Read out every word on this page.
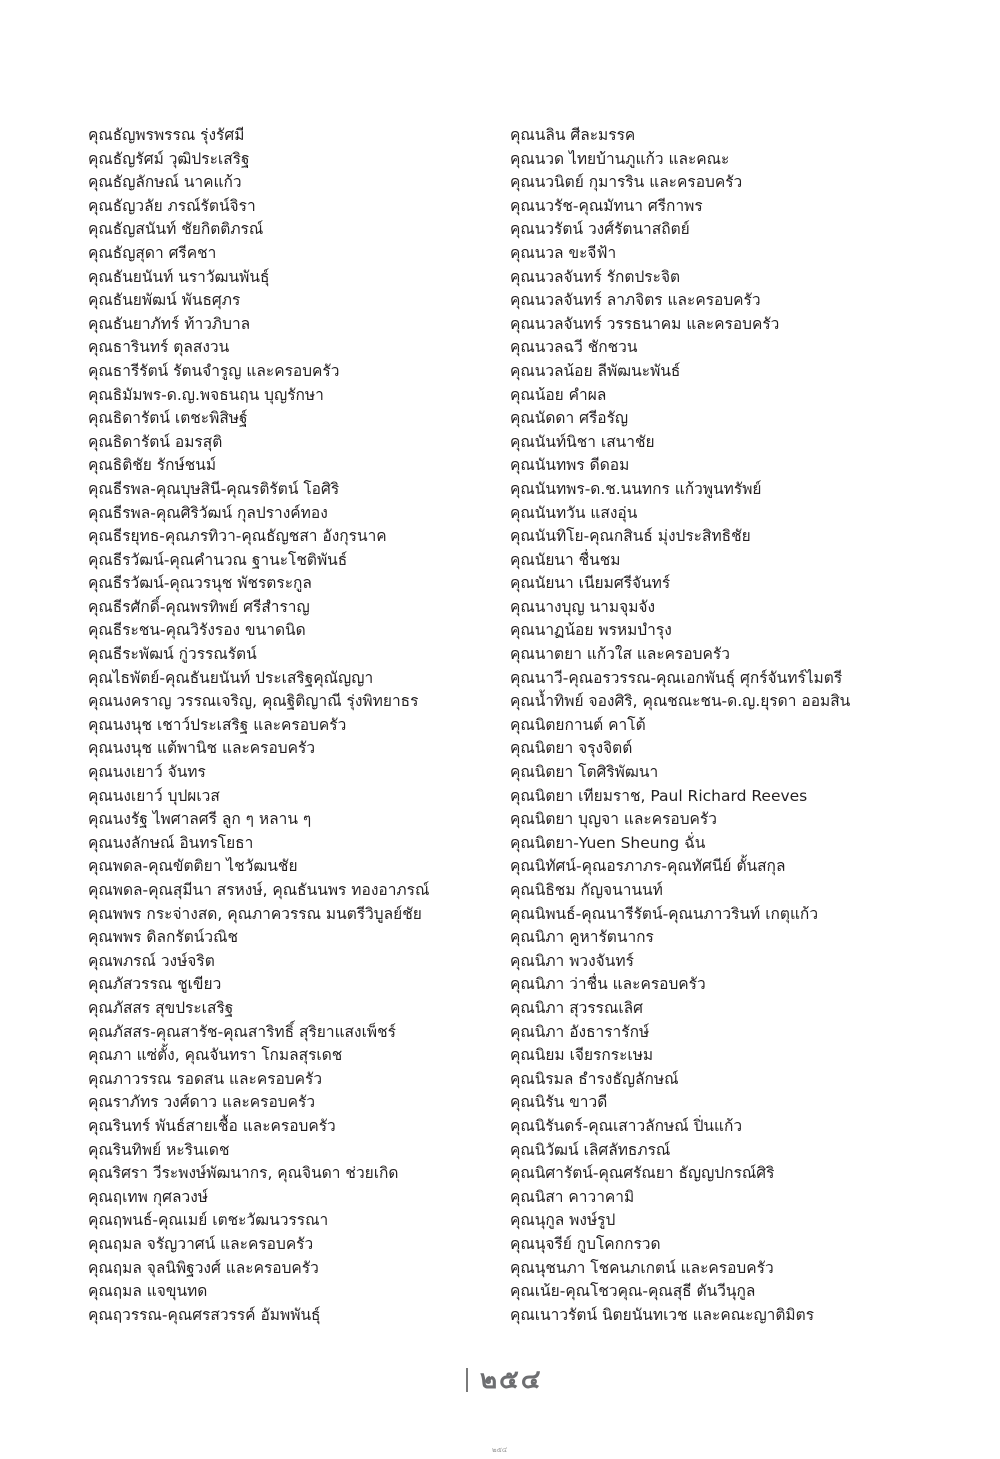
คุณธัญพรพรรณ รุ่งรัศมี
คุณธัญรัศม์ วุฒิประเสริฐ
คุณธัญลักษณ์ นาคแก้ว
คุณธัญวลัย ภรณ์รัตน์จิรา
คุณธัญสนันท์ ชัยกิตติภรณ์
คุณธัญสุดา ศรีคชา
คุณธันยนันท์ นราวัฒนพันธุ์
คุณธันยพัฒน์ พันธศุภร
คุณธันยาภัทร์ ท้าวภิบาล
คุณธารินทร์ ตุลสงวน
คุณธารีรัตน์ รัตนจำรูญ และครอบครัว
คุณธิมัมพร-ด.ญ.พจธนฤน บุญรักษา
คุณธิดารัตน์ เตชะพิสิษฐ์
คุณธิดารัตน์ อมรสุติ
คุณธิติชัย รักษ์ชนม์
คุณธีรพล-คุณบุษสินี-คุณรติรัตน์ โอศิริ
คุณธีรพล-คุณศิริวัฒน์ กุลปรางค์ทอง
คุณธีรยุทธ-คุณภรทิวา-คุณธัญชสา อังกุรนาค
คุณธีรวัฒน์-คุณคำนวณ ฐานะโชติพันธ์
คุณธีรวัฒน์-คุณวรนุช พัชรตระกูล
คุณธีรศักดิ์-คุณพรทิพย์ ศรีสำราญ
คุณธีระชน-คุณวิรังรอง ขนาดนิด
คุณธีระพัฒน์ กู่วรรณรัตน์
คุณไธพัตย์-คุณธันยนันท์ ประเสริฐคุณัญญา
คุณนงคราญ วรรณเจริญ, คุณฐิติญาณี รุ่งพิทยาธร
คุณนงนุช เชาว์ประเสริฐ และครอบครัว
คุณนงนุช แต้พานิช และครอบครัว
คุณนงเยาว์ จันทร
คุณนงเยาว์ บุปผเวส
คุณนงรัฐ ไพศาลศรี ลูก ๆ หลาน ๆ
คุณนงลักษณ์ อินทรโยธา
คุณพดล-คุณขัตติยา ไชวัฒนชัย
คุณพดล-คุณสุมีนา สรหงษ์, คุณธันนพร ทองอาภรณ์
คุณพพร กระจ่างสด, คุณภาควรรณ มนตรีวิบูลย์ชัย
คุณพพร ดิลกรัตน์วณิช
คุณพภรณ์ วงษ์จริต
คุณภัสวรรณ ชูเขียว
คุณภัสสร สุขประเสริฐ
คุณภัสสร-คุณสารัช-คุณสาริทธิ์ สุริยาแสงเพ็ชร์
คุณภา แซ่ตั้ง, คุณจันทรา โกมลสุรเดช
คุณภาวรรณ รอดสน และครอบครัว
คุณราภัทร วงศ์ดาว และครอบครัว
คุณรินทร์ พันธ์สายเชื้อ และครอบครัว
คุณรินทิพย์ หะรินเดช
คุณริศรา วีระพงษ์พัฒนากร, คุณจินดา ช่วยเกิด
คุณฤเทพ กุศลวงษ์
คุณฤพนธ์-คุณเมย์ เตชะวัฒนวรรณา
คุณฤมล จรัญวาศน์ และครอบครัว
คุณฤมล จุลนิพิฐวงศ์ และครอบครัว
คุณฤมล แจขุนทด
คุณฤวรรณ-คุณศรสวรรค์ อัมพพันธุ์
คุณนลิน ศีละมรรค
คุณนวด ไทยบ้านภูแก้ว และคณะ
คุณนวนิตย์ กุมารริน และครอบครัว
คุณนวรัช-คุณมัทนา ศรีกาพร
คุณนวรัตน์ วงศ์รัตนาสถิตย์
คุณนวล ขะจีฟ้า
คุณนวลจันทร์ รักตประจิต
คุณนวลจันทร์ ลาภจิตร และครอบครัว
คุณนวลจันทร์ วรรธนาคม และครอบครัว
คุณนวลฉวี ชักชวน
คุณนวลน้อย ลีพัฒนะพันธ์
คุณน้อย คำผล
คุณนัดดา ศรีอรัญ
คุณนันท์นิชา เสนาชัย
คุณนันทพร ดีดอม
คุณนันทพร-ด.ช.นนทกร แก้วพูนทรัพย์
คุณนันทวัน แสงอุ่น
คุณนันทิโย-คุณกสินธ์ มุ่งประสิทธิชัย
คุณนัยนา ชื่นชม
คุณนัยนา เนียมศรีจันทร์
คุณนางบุญ นามจุมจัง
คุณนาฏน้อย พรหมบำรุง
คุณนาตยา แก้วใส และครอบครัว
คุณนาวี-คุณอรวรรณ-คุณเอกพันธุ์ ศุกร์จันทร์ไมตรี
คุณน้ำทิพย์ จองศิริ, คุณชณะชน-ด.ญ.ยุรดา ออมสิน
คุณนิตยกานต์ คาโต้
คุณนิตยา จรุงจิตต์
คุณนิตยา โตศิริพัฒนา
คุณนิตยา เทียมราช, Paul Richard Reeves
คุณนิตยา บุญจา และครอบครัว
คุณนิตยา-Yuen Sheung ฉั่น
คุณนิทัศน์-คุณอรภาภร-คุณทัศนีย์ ตั้นสกุล
คุณนิธิชม กัญจนานนท์
คุณนิพนธ์-คุณนารีรัตน์-คุณนภาวรินท์ เกตุแก้ว
คุณนิภา คูหารัตนากร
คุณนิภา พวงจันทร์
คุณนิภา ว่าชื่น และครอบครัว
คุณนิภา สุวรรณเลิศ
คุณนิภา อังธารารักษ์
คุณนิยม เจียรกระเษม
คุณนิรมล ธำรงธัญลักษณ์
คุณนิรัน ขาวดี
คุณนิรันดร์-คุณเสาวลักษณ์ ปิ่นแก้ว
คุณนิวัฒน์ เลิศลัทธภรณ์
คุณนิศารัตน์-คุณศรัณยา ธัญญปกรณ์ศิริ
คุณนิสา คาวาคามิ
คุณนุกูล พงษ์รูป
คุณนุจรีย์ กูบโคกกรวด
คุณนุชนภา โชคนภเกตน์ และครอบครัว
คุณเน้ย-คุณโชวคุณ-คุณสุธี ตันวีนุกูล
คุณเนาวรัตน์ นิตยนันทเวช และคณะญาติมิตร
๒๕๔
๒๕๔
